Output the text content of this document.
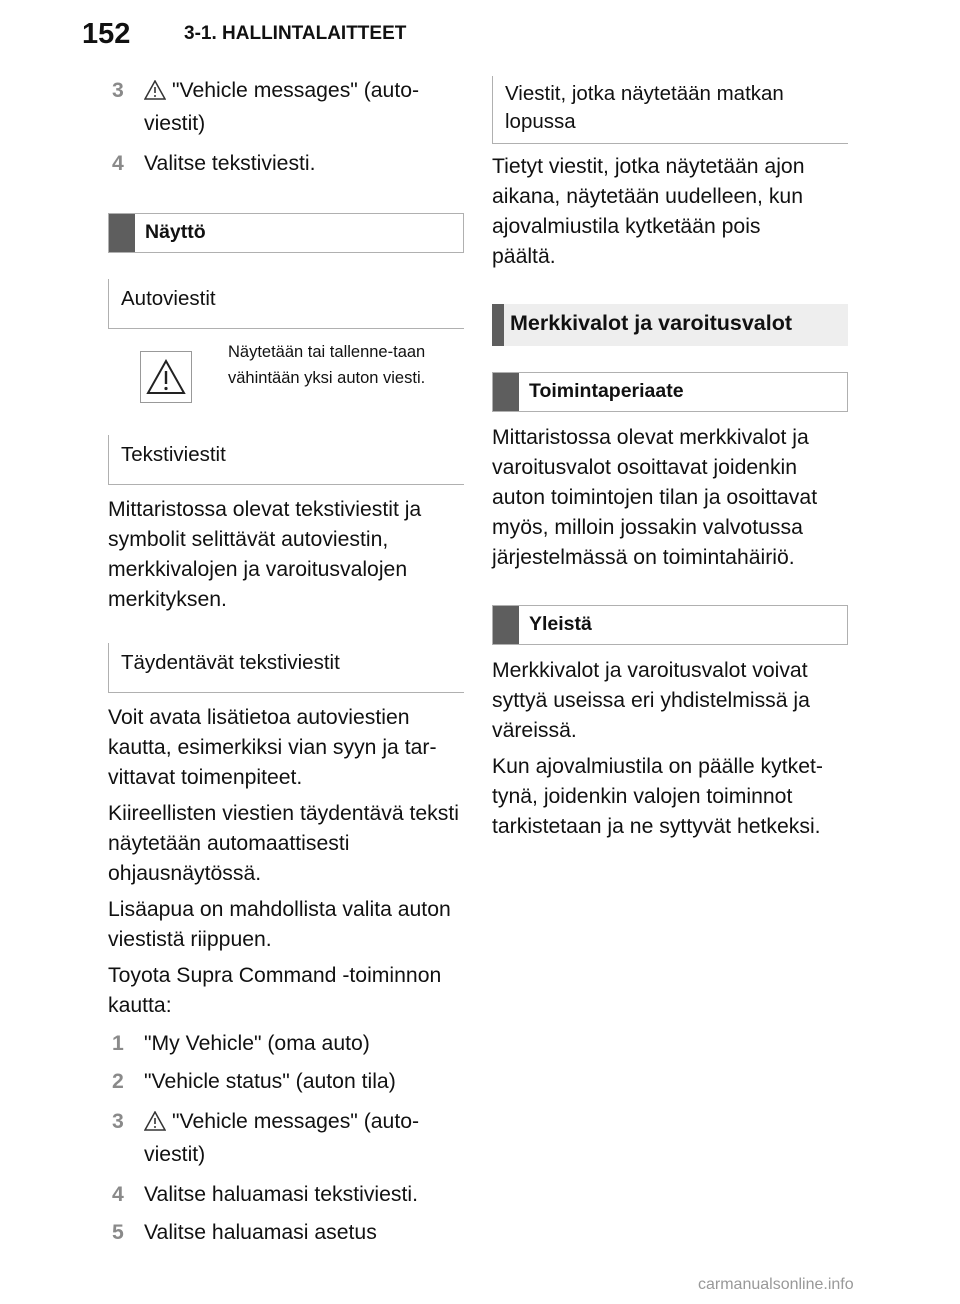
152	3-1. HALLINTALAITTEET
3	"Vehicle messages" (auto-viestit)
4 Valitse tekstiviesti.
Näyttö
Autoviestit
Näytetään tai tallenne-taan vähintään yksi auton viesti.
Tekstiviestit

Mittaristossa olevat tekstiviestit ja symbolit selittävät autoviestin, merkkivalojen ja varoitusvalojen merkityksen.

Täydentävät tekstiviestit

Voit avata lisätietoa autoviestien kautta, esimerkiksi vian syyn ja tar-vittavat toimenpiteet.

Kiireellisten viestien täydentävä teksti näytetään automaattisesti ohjausnäytössä.

Lisäapua on mahdollista valita auton viestistä riippuen.

Toyota Supra Command -toiminnon kautta:

1 "My Vehicle" (oma auto)
2 "Vehicle status" (auton tila)
3	"Vehicle messages" (auto-viestit)
4 Valitse haluamasi tekstiviesti.
5 Valitse haluamasi asetus
Viestit, jotka näytetään matkan lopussa

Tietyt viestit, jotka näytetään ajon aikana, näytetään uudelleen, kun ajovalmiustila kytketään pois päältä.

Merkkivalot ja varoitusvalot
Toimintaperiaate

Mittaristossa olevat merkkivalot ja varoitusvalot osoittavat joidenkin auton toimintojen tilan ja osoittavat myös, milloin jossakin valvotussa järjestelmässä on toimintahäiriö.

Yleistä

Merkkivalot ja varoitusvalot voivat syttyä useissa eri yhdistelmissä ja väreissä.

Kun ajovalmiustila on päälle kytket-tynä, joidenkin valojen toiminnot tarkistetaan ja ne syttyvät hetkeksi.

carmanualsonline.info
